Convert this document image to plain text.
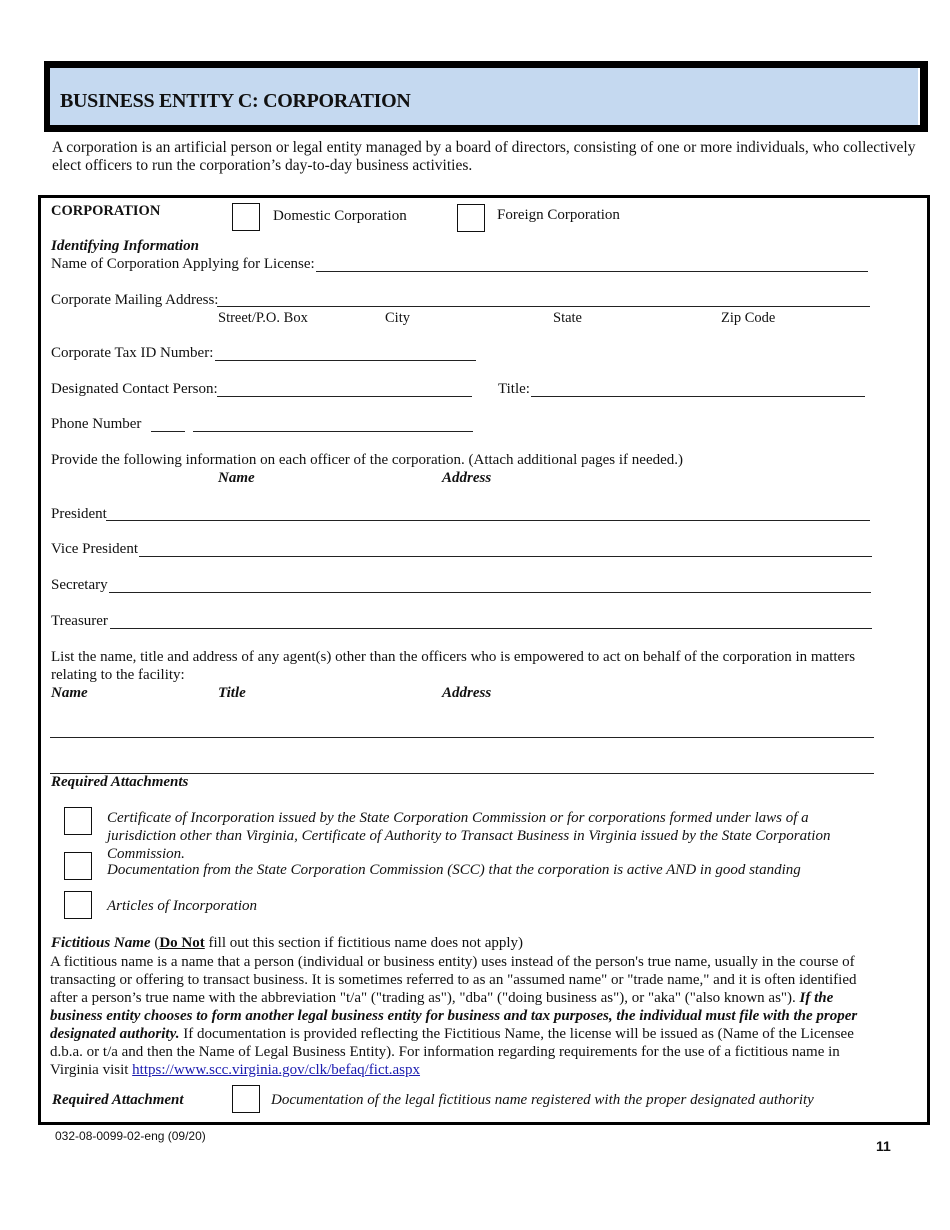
BUSINESS ENTITY C: CORPORATION
A corporation is an artificial person or legal entity managed by a board of directors, consisting of one or more individuals, who collectively elect officers to run the corporation’s day-to-day business activities.
CORPORATION	Domestic Corporation	Foreign Corporation
Identifying Information
Name of Corporation Applying for License:
Corporate Mailing Address:
Street/P.O. Box	City	State	Zip Code
Corporate Tax ID Number:
Designated Contact Person:	Title:
Phone Number
Provide the following information on each officer of the corporation. (Attach additional pages if needed.)
Name	Address
President
Vice President
Secretary
Treasurer
List the name, title and address of any agent(s) other than the officers who is empowered to act on behalf of the corporation in matters relating to the facility:
Name	Title	Address
Required Attachments
Certificate of Incorporation issued by the State Corporation Commission or for corporations formed under laws of a jurisdiction other than Virginia, Certificate of Authority to Transact Business in Virginia issued by the State Corporation Commission.
Documentation from the State Corporation Commission (SCC) that the corporation is active AND in good standing
Articles of Incorporation
Fictitious Name (Do Not fill out this section if fictitious name does not apply)
A fictitious name is a name that a person (individual or business entity) uses instead of the person's true name, usually in the course of transacting or offering to transact business. It is sometimes referred to as an "assumed name" or "trade name," and it is often identified after a person’s true name with the abbreviation "t/a" ("trading as"), "dba" ("doing business as"), or "aka" ("also known as"). If the business entity chooses to form another legal business entity for business and tax purposes, the individual must file with the proper designated authority. If documentation is provided reflecting the Fictitious Name, the license will be issued as (Name of the Licensee d.b.a. or t/a and then the Name of Legal Business Entity). For information regarding requirements for the use of a fictitious name in Virginia visit https://www.scc.virginia.gov/clk/befaq/fict.aspx
Required Attachment	Documentation of the legal fictitious name registered with the proper designated authority
032-08-0099-02-eng (09/20)
11
